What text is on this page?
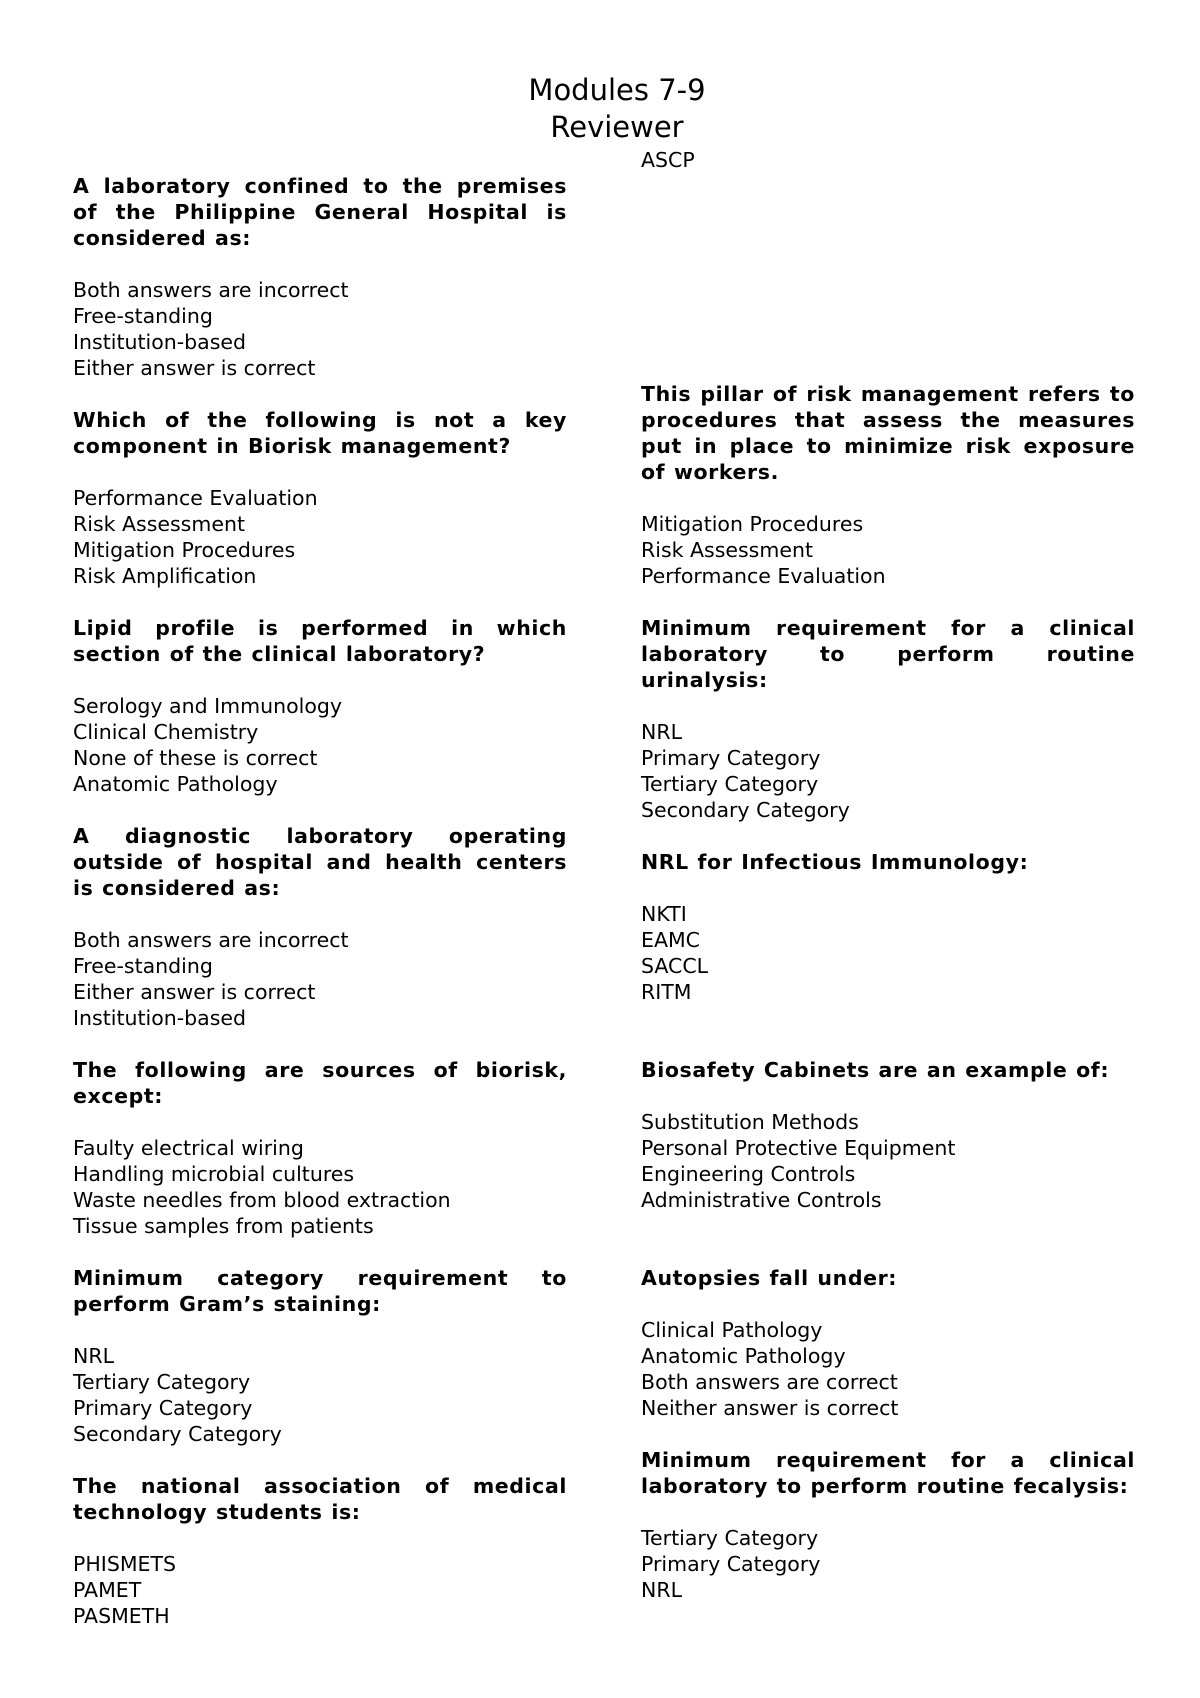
Modules 7-9
Reviewer
A laboratory confined to the premises of the Philippine General Hospital is considered as:
Both answers are incorrect
Free-standing
Institution-based
Either answer is correct
Which of the following is not a key component in Biorisk management?
Performance Evaluation
Risk Assessment
Mitigation Procedures
Risk Amplification
Lipid profile is performed in which section of the clinical laboratory?
Serology and Immunology
Clinical Chemistry
None of these is correct
Anatomic Pathology
A diagnostic laboratory operating outside of hospital and health centers is considered as:
Both answers are incorrect
Free-standing
Either answer is correct
Institution-based
The following are sources of biorisk, except:
Faulty electrical wiring
Handling microbial cultures
Waste needles from blood extraction
Tissue samples from patients
Minimum category requirement to perform Gram’s staining:
NRL
Tertiary Category
Primary Category
Secondary Category
The national association of medical technology students is:
PHISMETS
PAMET
PASMETH
ASCP
This pillar of risk management refers to procedures that assess the measures put in place to minimize risk exposure of workers.
Mitigation Procedures
Risk Assessment
Performance Evaluation
Minimum requirement for a clinical laboratory to perform routine urinalysis:
NRL
Primary Category
Tertiary Category
Secondary Category
NRL for Infectious Immunology:
NKTI
EAMC
SACCL
RITM
Biosafety Cabinets are an example of:
Substitution Methods
Personal Protective Equipment
Engineering Controls
Administrative Controls
Autopsies fall under:
Clinical Pathology
Anatomic Pathology
Both answers are correct
Neither answer is correct
Minimum requirement for a clinical laboratory to perform routine fecalysis:
Tertiary Category
Primary Category
NRL
